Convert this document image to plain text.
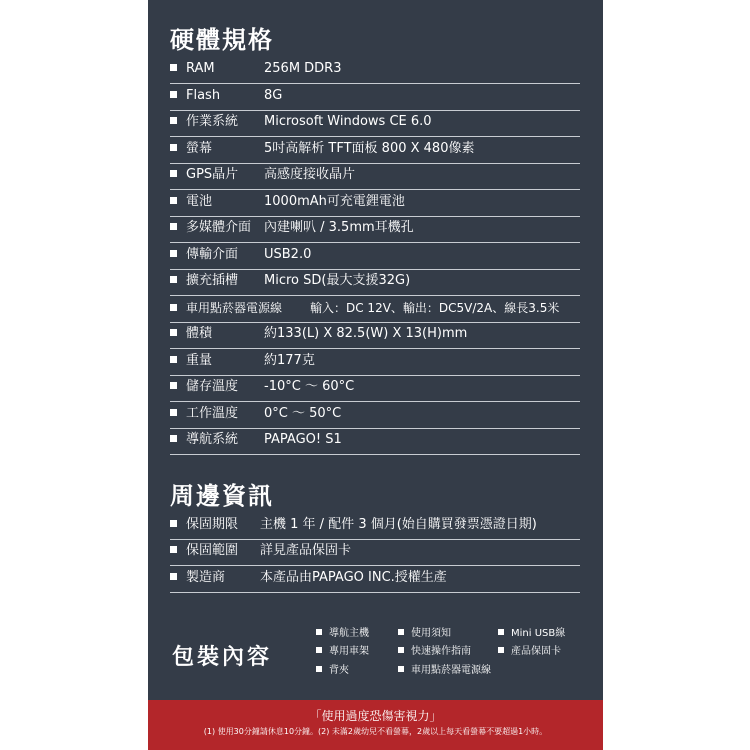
硬體規格
RAM	256M DDR3
Flash	8G
作業系統 Microsoft Windows CE 6.0
螢幕	5吋高解析 TFT面板 800 X 480像素
GPS晶片 高感度接收晶片
電池	1000mAh可充電鋰電池
多媒體介面 內建喇叭 / 3.5mm耳機孔
傳輸介面 USB2.0
擴充插槽 Micro SD(最大支援32G)
車用點菸器電源線 輸入：DC 12V、輸出：DC5V/2A、線長3.5米
體積	約133(L) X 82.5(W) X 13(H)mm
重量	約177克
儲存溫度 -10°C ～ 60°C
工作溫度 0°C ～ 50°C
導航系統 PAPAGO! S1
周邊資訊
保固期限 主機 1 年 / 配件 3 個月(始自購買發票憑證日期)
保固範圍 詳見產品保固卡
製造商	本產品由PAPAGO INC.授權生產
包裝內容
導航主機	使用須知	Mini USB線
專用車架	快速操作指南	產品保固卡
背夾	車用點菸器電源線
「使用過度恐傷害視力」
(1) 使用30分鐘請休息10分鐘。(2) 未滿2歲幼兒不看螢幕，2歲以上每天看螢幕不要超過1小時。
